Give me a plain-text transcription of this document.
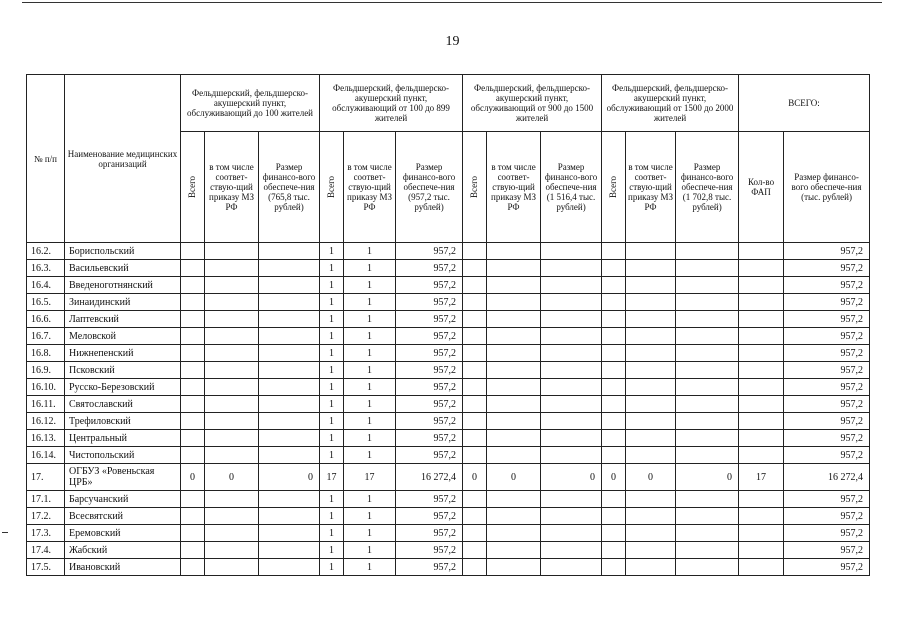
19
№ п/п	Наименование медицинских организаций	Фельдшерский, фельдшерско-акушерский пункт, обслуживающий до 100 жителей			Фельдшерский, фельдшерско-акушерский пункт, обслуживающий от 100 до 899 жителей			Фельдшерский, фельдшерско-акушерский пункт, обслуживающий от 900 до 1500 жителей			Фельдшерский, фельдшерско-акушерский пункт, обслуживающий от 1500 до 2000 жителей			ВСЕГО:	
		Всего	в том числе соответ-ствую-щий приказу МЗ РФ	Размер финансо-вого обеспече-ния (765,8 тыс. рублей)	Всего	в том числе соответ-ствую-щий приказу МЗ РФ	Размер финансо-вого обеспече-ния (957,2 тыс. рублей)	Всего	в том числе соответ-ствую-щий приказу МЗ РФ	Размер финансо-вого обеспече-ния (1 516,4 тыс. рублей)	Всего	в том числе соответ-ствую-щий приказу МЗ РФ	Размер финансо-вого обеспече-ния (1 702,8 тыс. рублей)	Кол-во ФАП	Размер финансо-вого обеспече-ния (тыс. рублей)
16.2.	Бориспольский				1	1	957,2								957,2
16.3.	Васильевский				1	1	957,2								957,2
16.4.	Введеноготнянский				1	1	957,2								957,2
16.5.	Зинаидинский				1	1	957,2								957,2
16.6.	Лаптевский				1	1	957,2								957,2
16.7.	Меловской				1	1	957,2								957,2
16.8.	Нижнепенский				1	1	957,2								957,2
16.9.	Псковский				1	1	957,2								957,2
16.10.	Русско-Березовский				1	1	957,2								957,2
16.11.	Святославский				1	1	957,2								957,2
16.12.	Трефиловский				1	1	957,2								957,2
16.13.	Центральный				1	1	957,2								957,2
16.14.	Чистопольский				1	1	957,2								957,2
17.	ОГБУЗ «Ровеньская ЦРБ»	0	0	0	17	17	16 272,4	0	0	0	0	0	0	17	16 272,4
17.1.	Барсучанский				1	1	957,2								957,2
17.2.	Всесвятский				1	1	957,2								957,2
17.3.	Еремовский				1	1	957,2								957,2
17.4.	Жабский				1	1	957,2								957,2
17.5.	Ивановский				1	1	957,2								957,2
